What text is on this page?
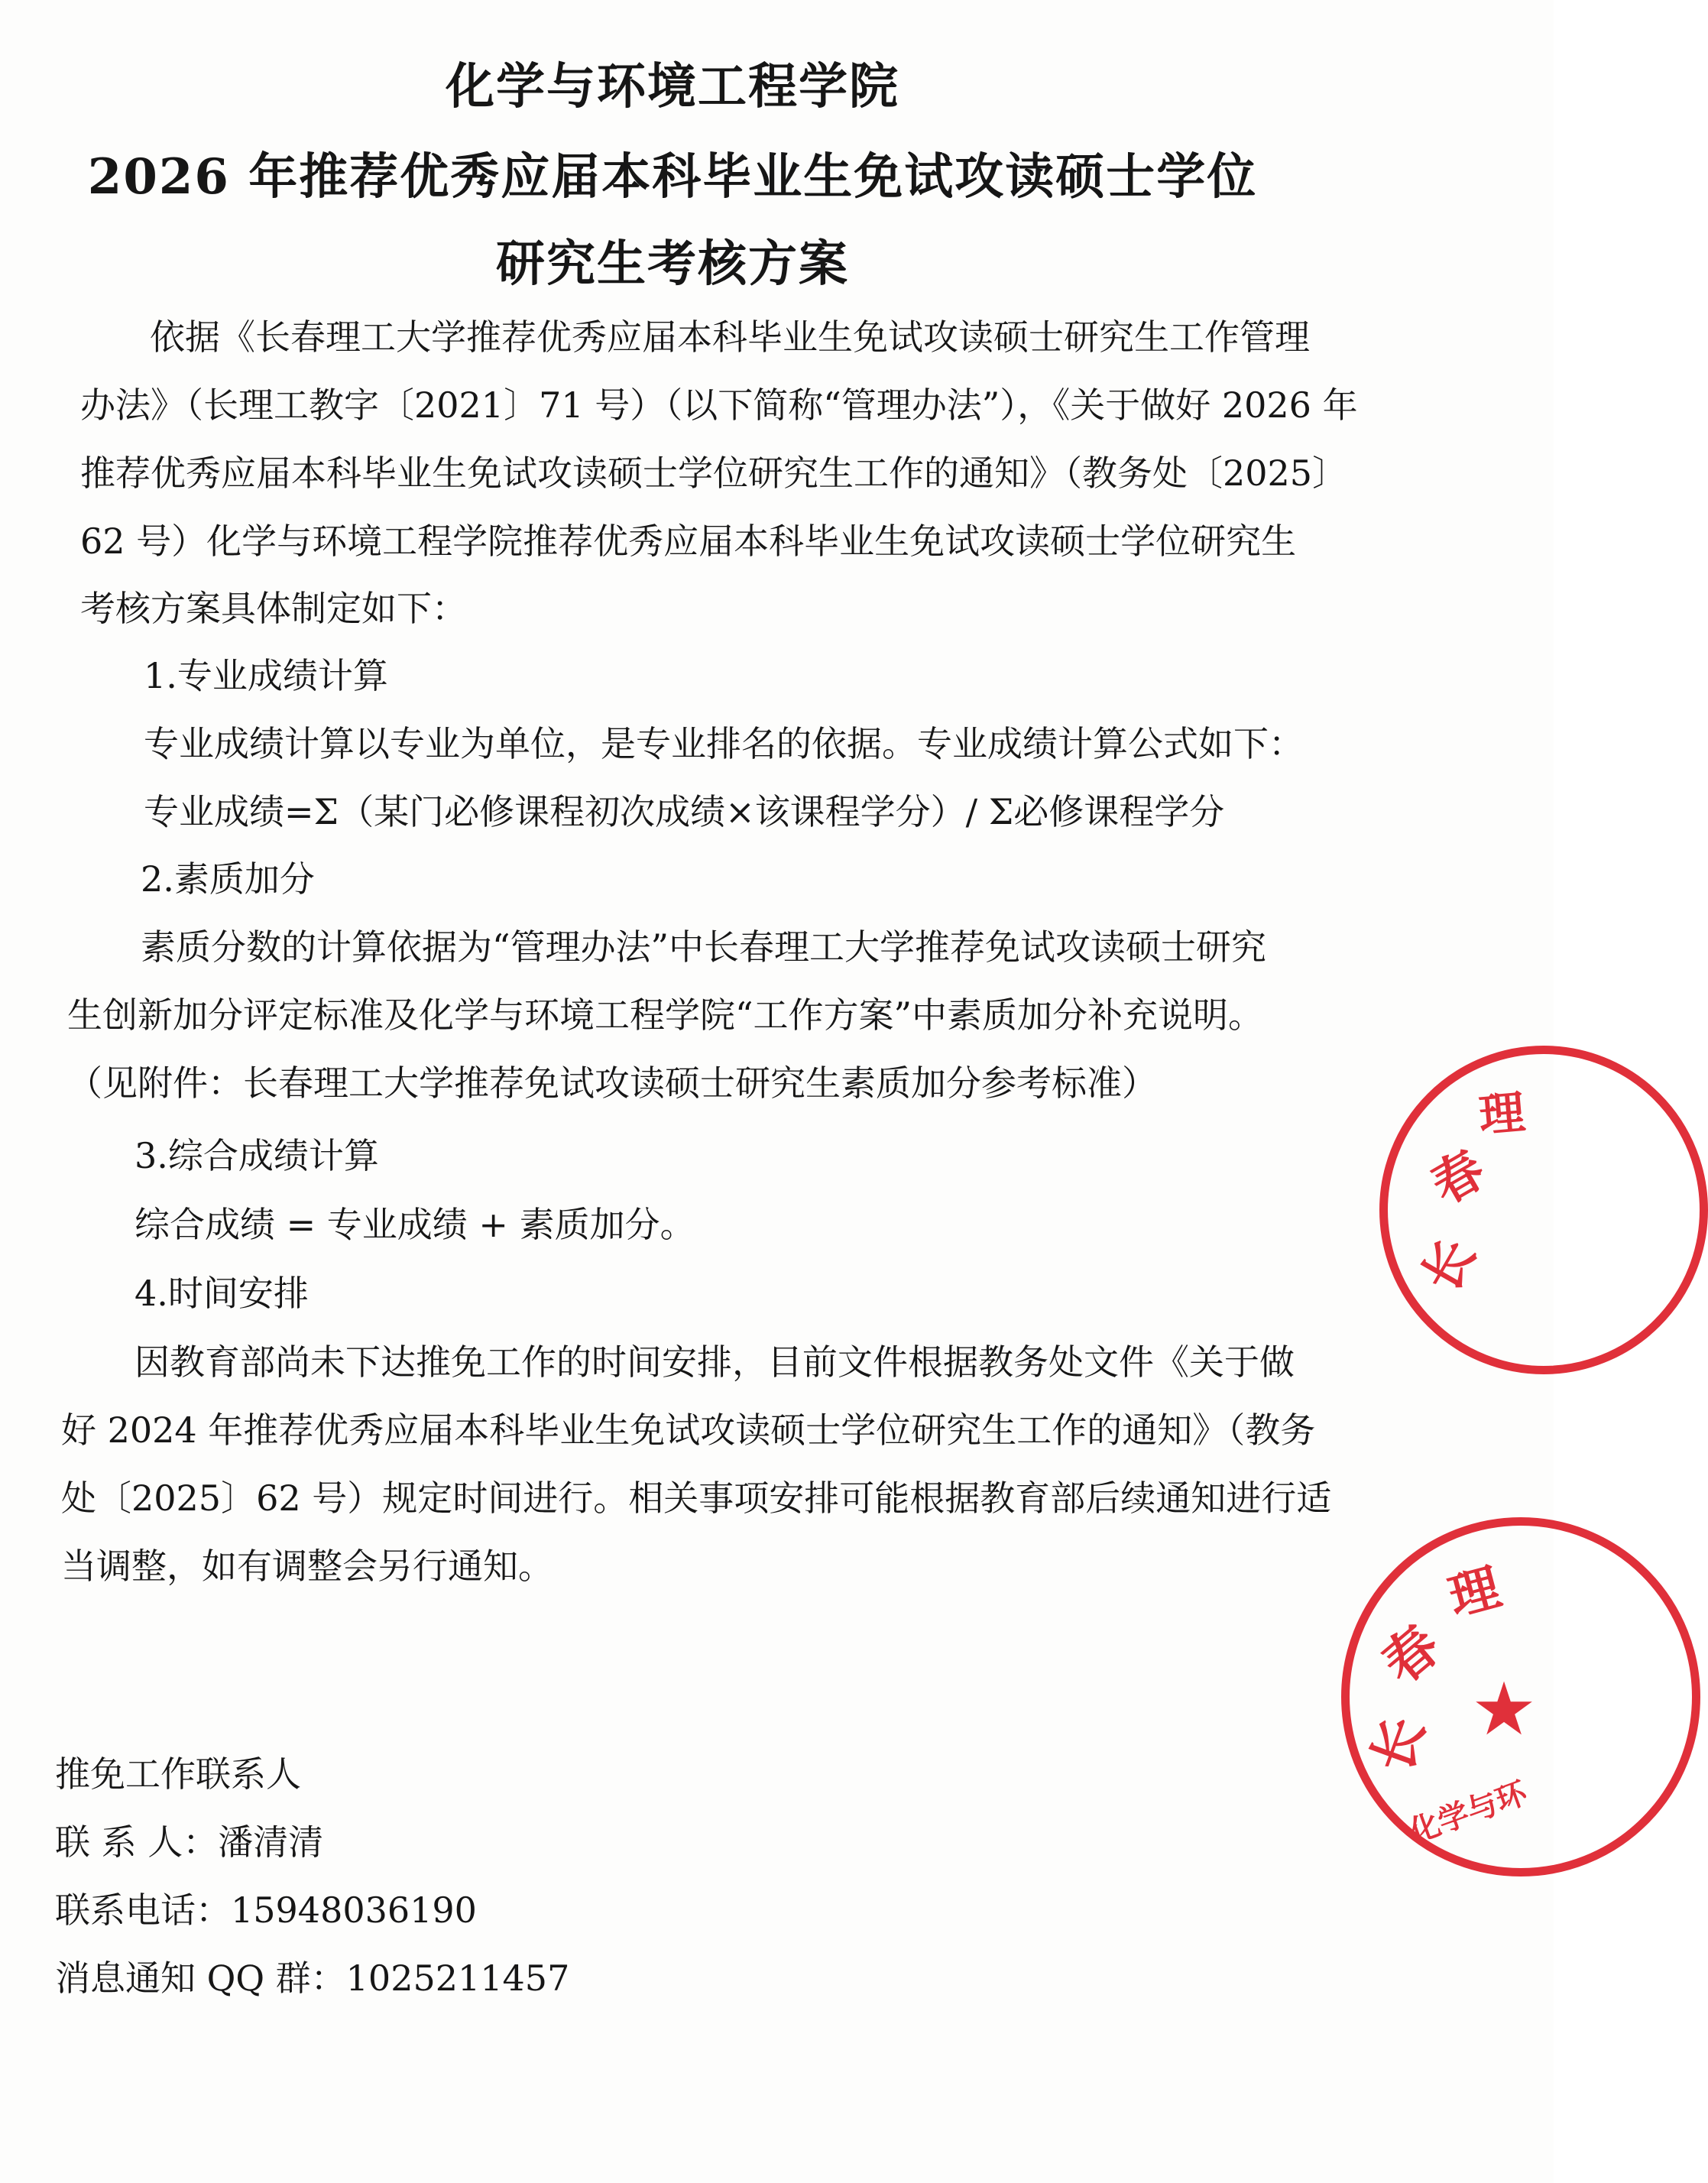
化学与环境工程学院
2026 年推荐优秀应届本科毕业生免试攻读硕士学位
研究生考核方案
依据《长春理工大学推荐优秀应届本科毕业生免试攻读硕士研究生工作管理
办法》（长理工教字〔2021〕71 号）（以下简称“管理办法”），《关于做好 2026 年
推荐优秀应届本科毕业生免试攻读硕士学位研究生工作的通知》（教务处〔2025〕
62 号）化学与环境工程学院推荐优秀应届本科毕业生免试攻读硕士学位研究生
考核方案具体制定如下：
1.专业成绩计算
专业成绩计算以专业为单位，是专业排名的依据。专业成绩计算公式如下：
专业成绩=Σ（某门必修课程初次成绩×该课程学分）/ Σ必修课程学分
2.素质加分
素质分数的计算依据为“管理办法”中长春理工大学推荐免试攻读硕士研究
生创新加分评定标准及化学与环境工程学院“工作方案”中素质加分补充说明。
（见附件：长春理工大学推荐免试攻读硕士研究生素质加分参考标准）
3.综合成绩计算
综合成绩 = 专业成绩 + 素质加分。
4.时间安排
因教育部尚未下达推免工作的时间安排，目前文件根据教务处文件《关于做
好 2024 年推荐优秀应届本科毕业生免试攻读硕士学位研究生工作的通知》（教务
处〔2025〕62 号）规定时间进行。相关事项安排可能根据教育部后续通知进行适
当调整，如有调整会另行通知。
推免工作联系人
联 系 人：潘清清
联系电话：15948036190
消息通知 QQ 群：1025211457
长
春
理
长
春
理
化学与环
★
